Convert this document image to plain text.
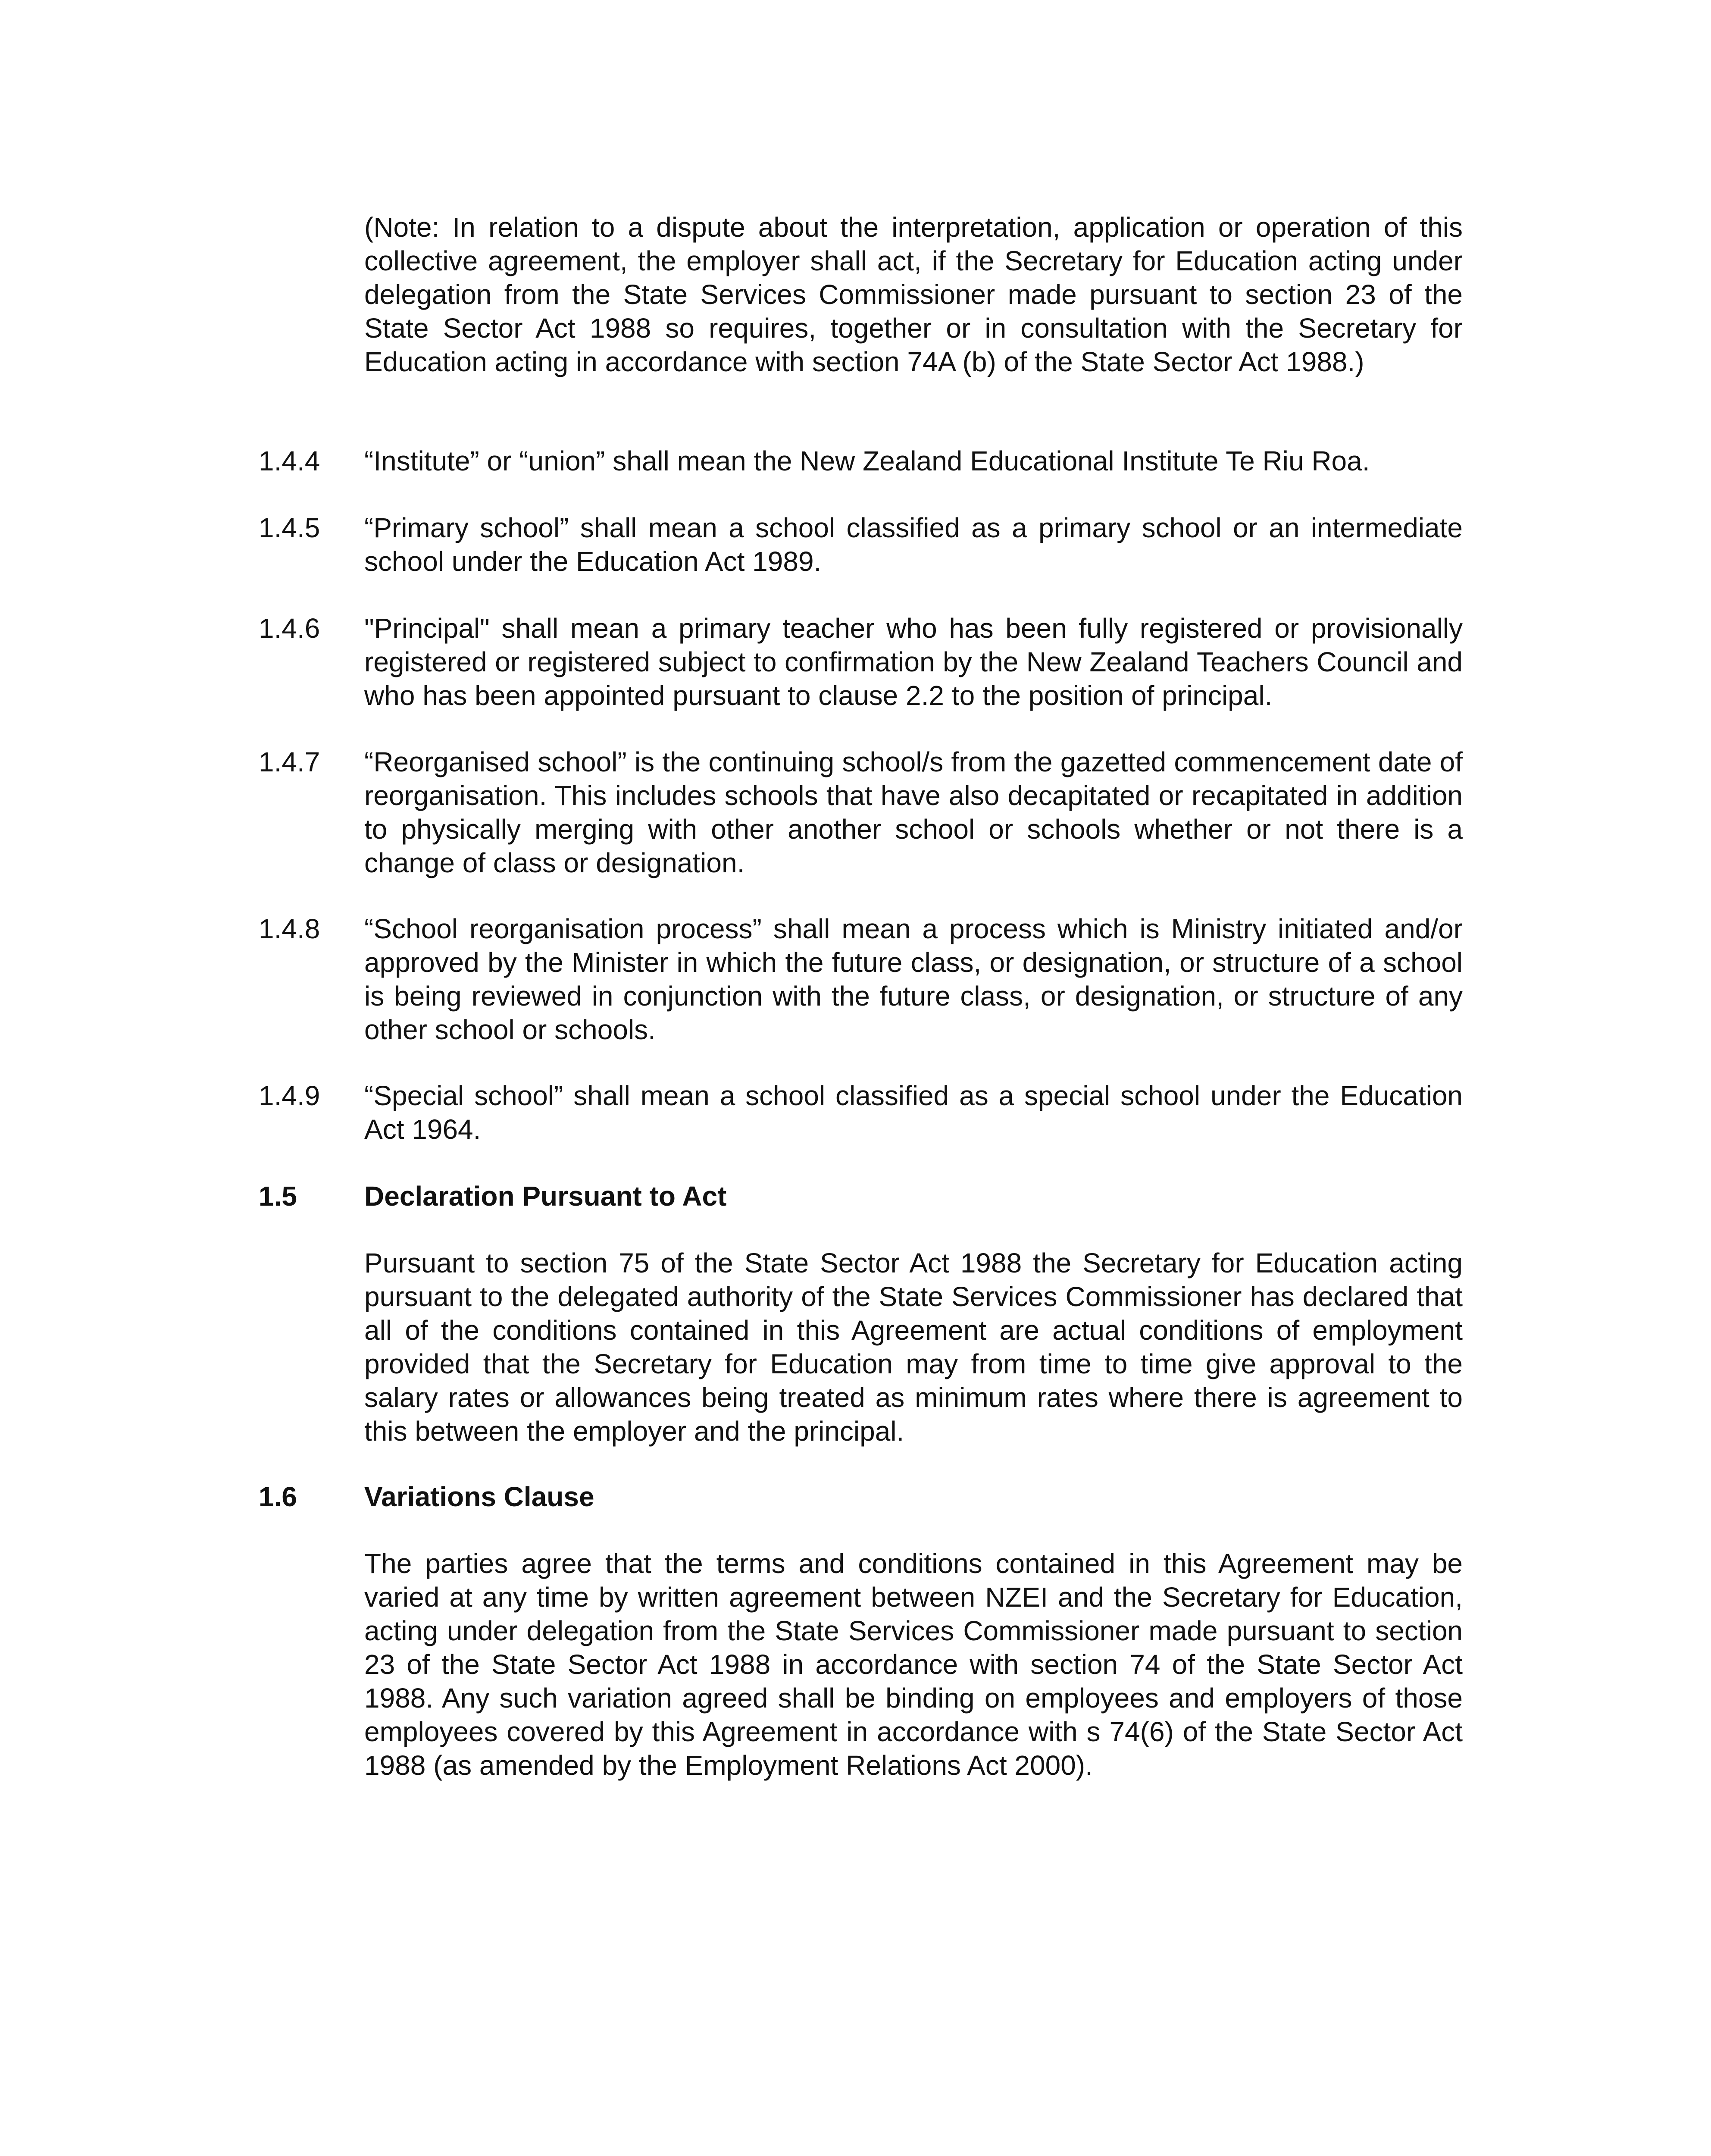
(Note: In relation to a dispute about the interpretation, application or operation of this collective agreement, the employer shall act, if the Secretary for Education acting under delegation from the State Services Commissioner made pursuant to section 23 of the State Sector Act 1988 so requires, together or in consultation with the Secretary for Education acting in accordance with section 74A (b) of the State Sector Act 1988.)
1.4.4	“Institute” or “union” shall mean the New Zealand Educational Institute Te Riu Roa.
1.4.5	“Primary school” shall mean a school classified as a primary school or an intermediate school under the Education Act 1989.
1.4.6	"Principal" shall mean a primary teacher who has been fully registered or provisionally registered or registered subject to confirmation by the New Zealand Teachers Council and who has been appointed pursuant to clause 2.2 to the position of principal.
1.4.7	“Reorganised school” is the continuing school/s from the gazetted commencement date of reorganisation. This includes schools that have also decapitated or recapitated in addition to physically merging with other another school or schools whether or not there is a change of class or designation.
1.4.8	“School reorganisation process” shall mean a process which is Ministry initiated and/or approved by the Minister in which the future class, or designation, or structure of a school is being reviewed in conjunction with the future class, or designation, or structure of any other school or schools.
1.4.9	“Special school” shall mean a school classified as a special school under the Education Act 1964.
1.5	Declaration Pursuant to Act
Pursuant to section 75 of the State Sector Act 1988 the Secretary for Education acting pursuant to the delegated authority of the State Services Commissioner has declared that all of the conditions contained in this Agreement are actual conditions of employment provided that the Secretary for Education may from time to time give approval to the salary rates or allowances being treated as minimum rates where there is agreement to this between the employer and the principal.
1.6	Variations Clause
The parties agree that the terms and conditions contained in this Agreement may be varied at any time by written agreement between NZEI and the Secretary for Education, acting under delegation from the State Services Commissioner made pursuant to section 23 of the State Sector Act 1988 in accordance with section 74 of the State Sector Act 1988. Any such variation agreed shall be binding on employees and employers of those employees covered by this Agreement in accordance with s 74(6) of the State Sector Act 1988 (as amended by the Employment Relations Act 2000).
